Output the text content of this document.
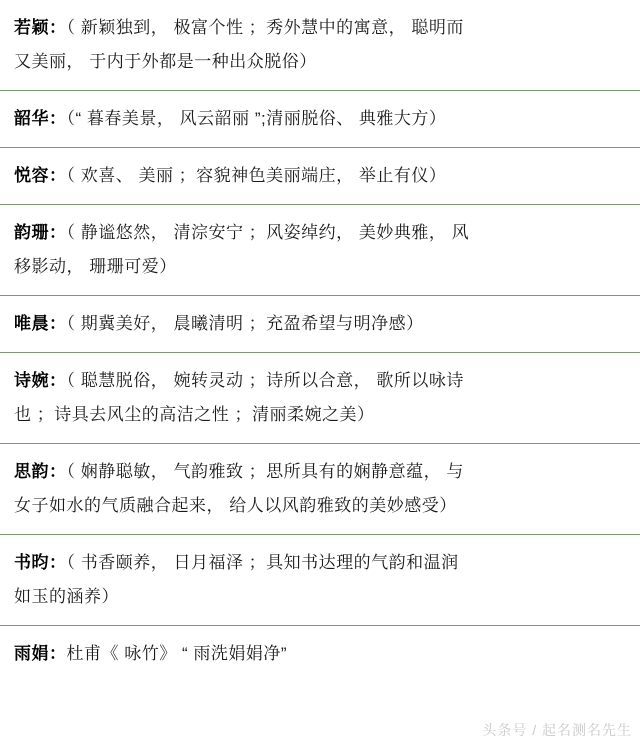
若颖：（ 新颖独到， 极富个性 ；秀外慧中的寓意， 聪明而
又美丽， 于内于外都是一种出众脱俗）
韶华：（“ 暮春美景， 风云韶丽 ”;清丽脱俗、 典雅大方）
悦容：（ 欢喜、 美丽 ；容貌神色美丽端庄， 举止有仪）
韵珊：（ 静谧悠然， 清淙安宁 ；风姿绰约， 美妙典雅， 风
移影动， 珊珊可爱）
唯晨：（ 期冀美好， 晨曦清明 ；充盈希望与明净感）
诗婉：（ 聪慧脱俗， 婉转灵动 ；诗所以合意， 歌所以咏诗
也 ；诗具去风尘的高洁之性 ；清丽柔婉之美）
思韵：（ 娴静聪敏， 气韵雅致 ；思所具有的娴静意蕴， 与
女子如水的气质融合起来， 给人以风韵雅致的美妙感受）
书昀：（ 书香颐养， 日月福泽 ；具知书达理的气韵和温润
如玉的涵养）
雨娟：杜甫《 咏竹》 “ 雨洗娟娟净”
头条号 / 起名测名先生
